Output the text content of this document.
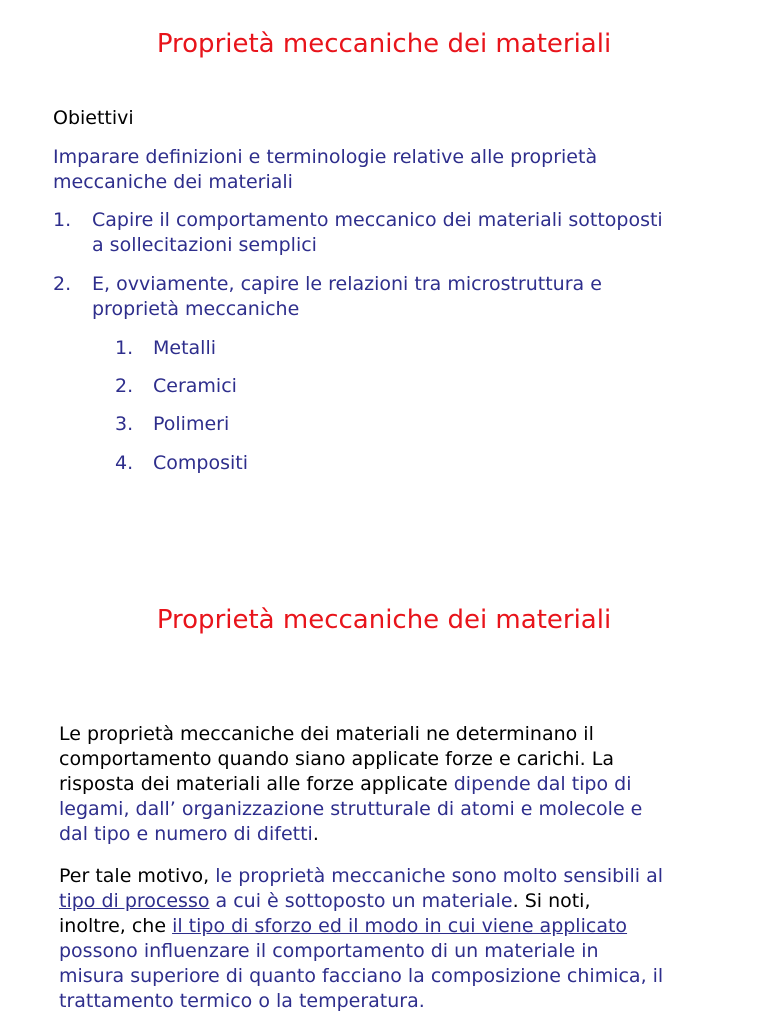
Proprietà meccaniche dei materiali
Obiettivi
Imparare definizioni e terminologie relative alle proprietà
meccaniche dei materiali
1. Capire il comportamento meccanico dei materiali sottoposti
a sollecitazioni semplici
2. E, ovviamente, capire le relazioni tra microstruttura e
proprietà meccaniche
1. Metalli
2. Ceramici
3. Polimeri
4. Compositi
Proprietà meccaniche dei materiali
Le proprietà meccaniche dei materiali ne determinano il
comportamento quando siano applicate forze e carichi. La
risposta dei materiali alle forze applicate dipende dal tipo di
legami, dall’ organizzazione strutturale di atomi e molecole e
dal tipo e numero di difetti.
Per tale motivo, le proprietà meccaniche sono molto sensibili al
tipo di processo a cui è sottoposto un materiale. Si noti,
inoltre, che il tipo di sforzo ed il modo in cui viene applicato
possono influenzare il comportamento di un materiale in
misura superiore di quanto facciano la composizione chimica, il
trattamento termico o la temperatura.
